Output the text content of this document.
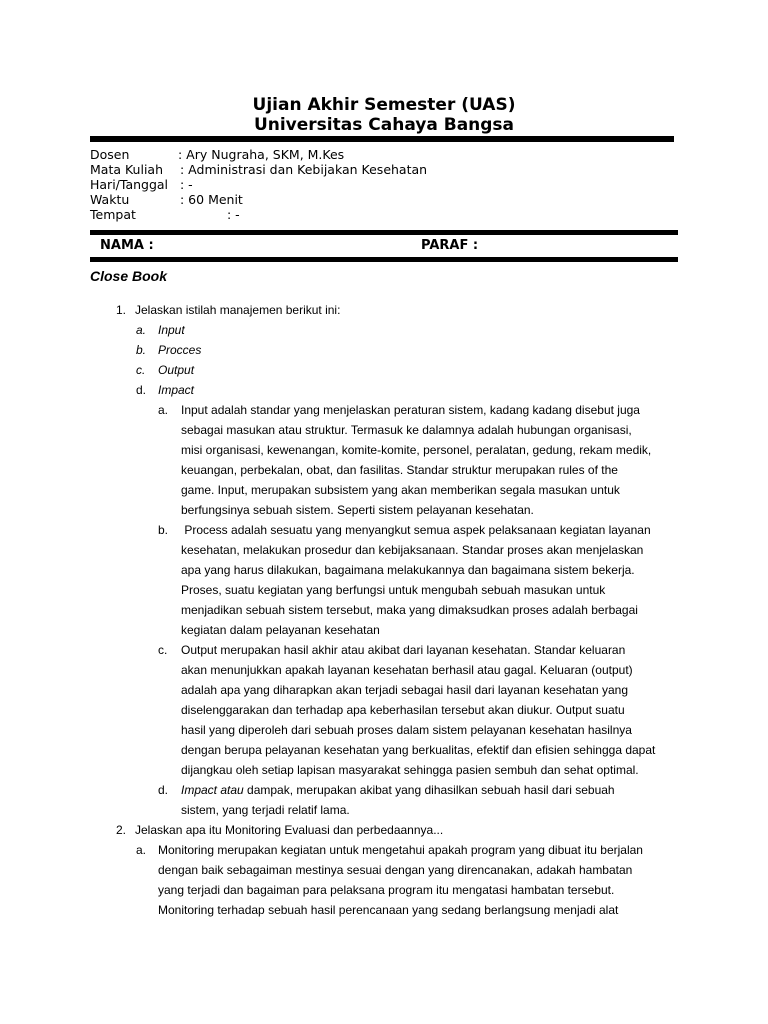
Ujian Akhir Semester (UAS)
Universitas Cahaya Bangsa
Dosen	: Ary Nugraha, SKM, M.Kes
Mata Kuliah : Administrasi dan Kebijakan Kesehatan
Hari/Tanggal : -
Waktu	: 60 Menit
Tempat	: -
NAMA :	PARAF :
Close Book
1. Jelaskan istilah manajemen berikut ini:
a. Input
b. Procces
c. Output
d. Impact
a. Input adalah standar yang menjelaskan peraturan sistem, kadang kadang disebut juga
sebagai masukan atau struktur. Termasuk ke dalamnya adalah hubungan organisasi,
misi organisasi, kewenangan, komite-komite, personel, peralatan, gedung, rekam medik,
keuangan, perbekalan, obat, dan fasilitas. Standar struktur merupakan rules of the
game. Input, merupakan subsistem yang akan memberikan segala masukan untuk
berfungsinya sebuah sistem. Seperti sistem pelayanan kesehatan.
b. Process adalah sesuatu yang menyangkut semua aspek pelaksanaan kegiatan layanan
kesehatan, melakukan prosedur dan kebijaksanaan. Standar proses akan menjelaskan
apa yang harus dilakukan, bagaimana melakukannya dan bagaimana sistem bekerja.
Proses, suatu kegiatan yang berfungsi untuk mengubah sebuah masukan untuk
menjadikan sebuah sistem tersebut, maka yang dimaksudkan proses adalah berbagai
kegiatan dalam pelayanan kesehatan
c. Output merupakan hasil akhir atau akibat dari layanan kesehatan. Standar keluaran
akan menunjukkan apakah layanan kesehatan berhasil atau gagal. Keluaran (output)
adalah apa yang diharapkan akan terjadi sebagai hasil dari layanan kesehatan yang
diselenggarakan dan terhadap apa keberhasilan tersebut akan diukur. Output suatu
hasil yang diperoleh dari sebuah proses dalam sistem pelayanan kesehatan hasilnya
dengan berupa pelayanan kesehatan yang berkualitas, efektif dan efisien sehingga dapat
dijangkau oleh setiap lapisan masyarakat sehingga pasien sembuh dan sehat optimal.
d. Impact atau dampak, merupakan akibat yang dihasilkan sebuah hasil dari sebuah
sistem, yang terjadi relatif lama.
2. Jelaskan apa itu Monitoring Evaluasi dan perbedaannya...
a. Monitoring merupakan kegiatan untuk mengetahui apakah program yang dibuat itu berjalan
dengan baik sebagaiman mestinya sesuai dengan yang direncanakan, adakah hambatan
yang terjadi dan bagaiman para pelaksana program itu mengatasi hambatan tersebut.
Monitoring terhadap sebuah hasil perencanaan yang sedang berlangsung menjadi alat
